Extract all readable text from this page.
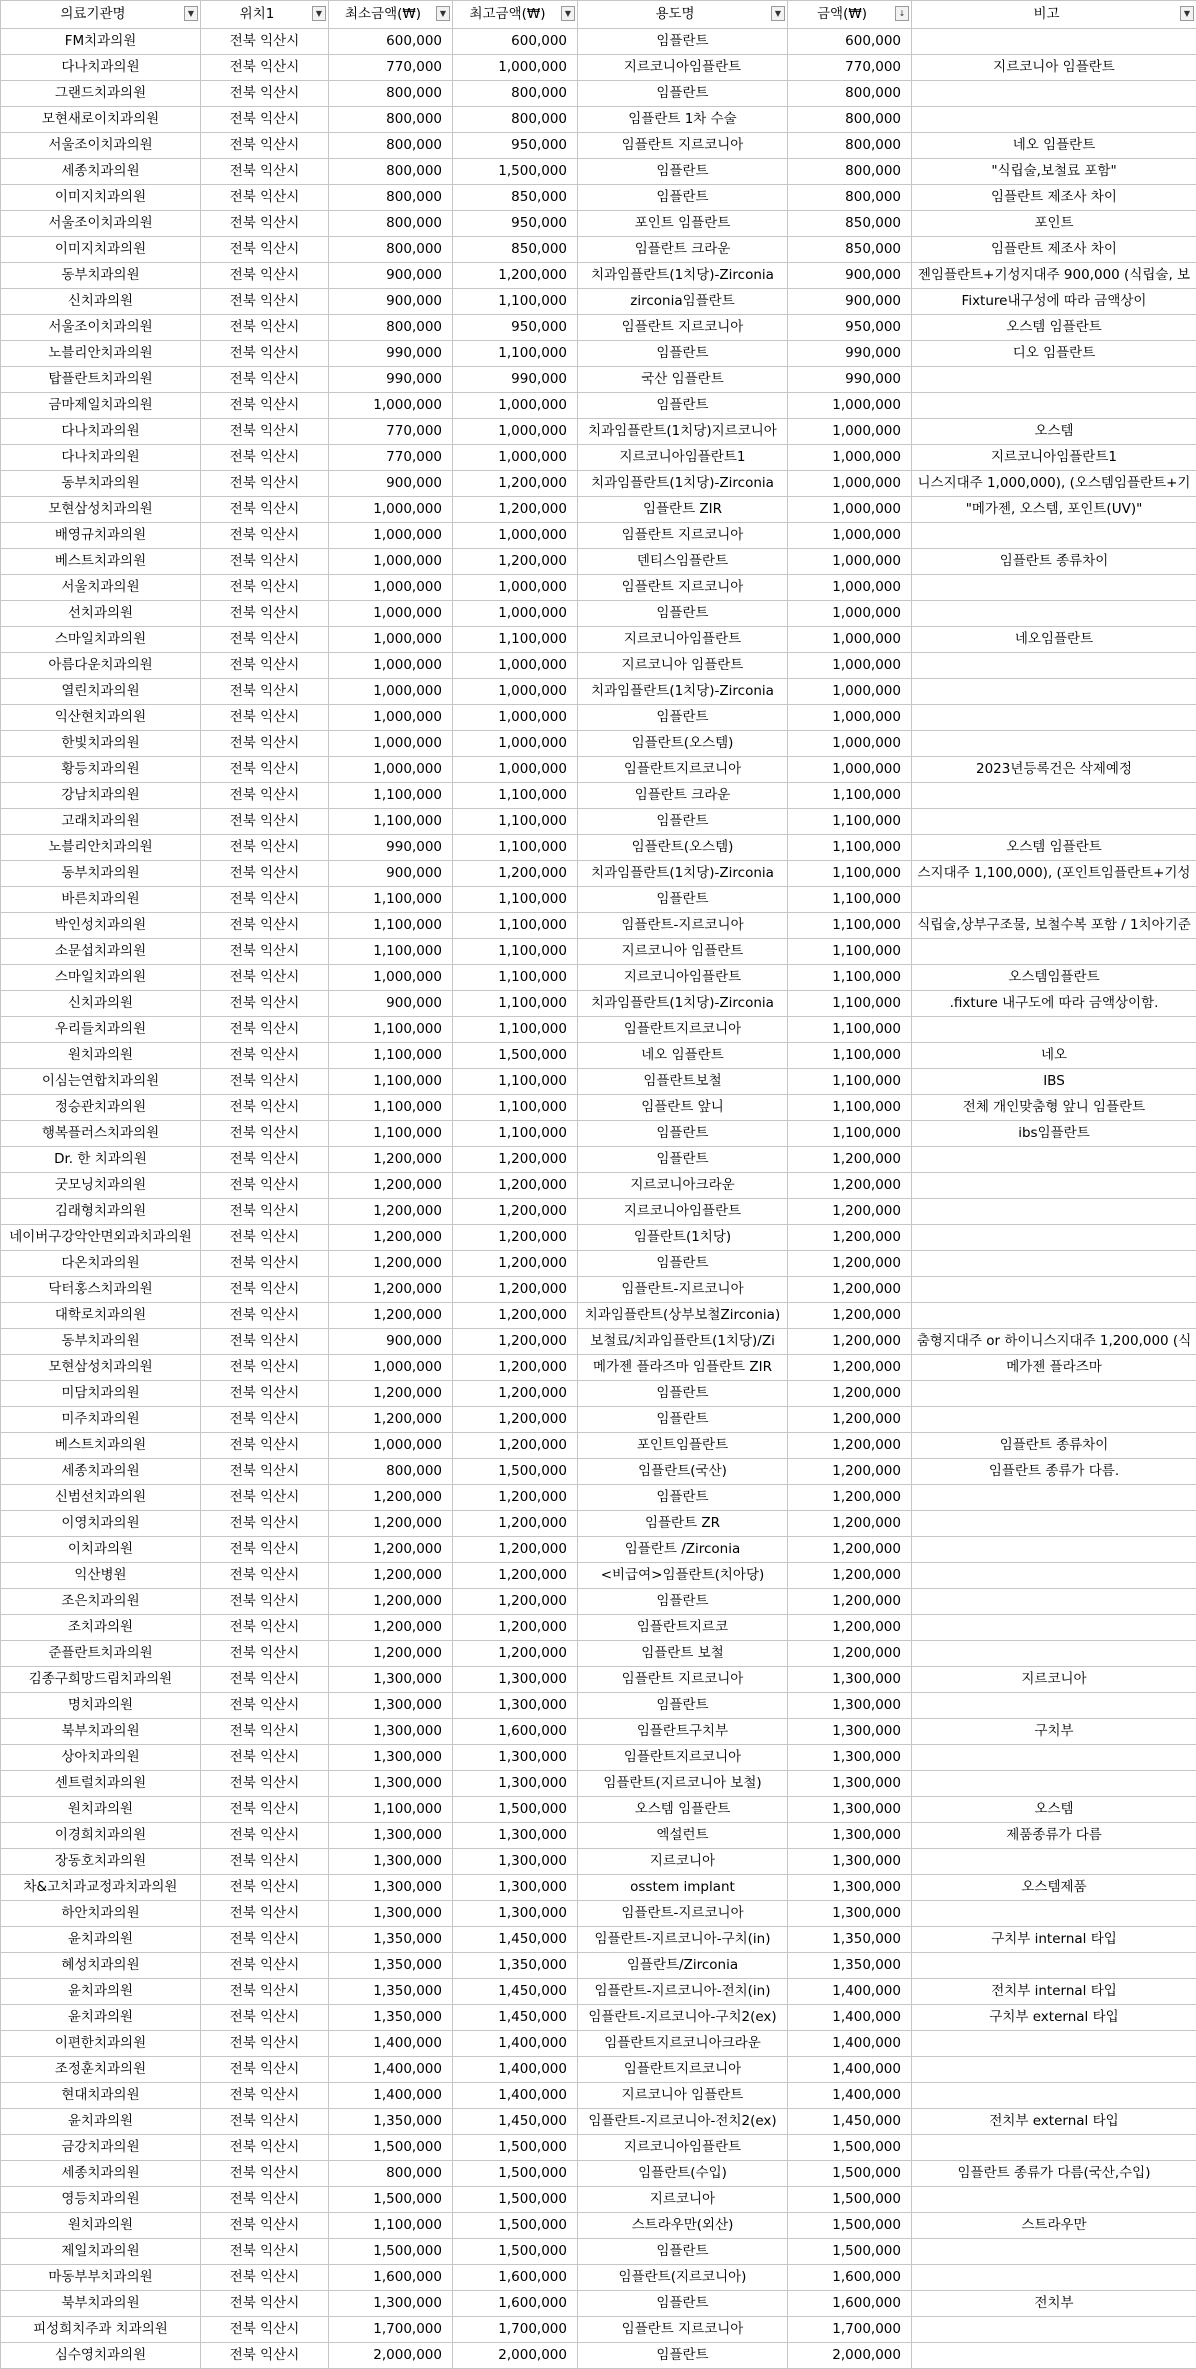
의료기관명 ▼	위치1 ▼	최소금액(₩) ▼	최고금액(₩) ▼	용도명 ▼	금액(₩) ↓	비고 ▼

FM치과의원	전북 익산시	600,000	600,000	임플란트	600,000	
다나치과의원	전북 익산시	770,000	1,000,000	지르코니아임플란트	770,000	지르코니아 임플란트
그랜드치과의원	전북 익산시	800,000	800,000	임플란트	800,000	
모현새로이치과의원	전북 익산시	800,000	800,000	임플란트 1차 수술	800,000	
서울조이치과의원	전북 익산시	800,000	950,000	임플란트 지르코니아	800,000	네오 임플란트
세종치과의원	전북 익산시	800,000	1,500,000	임플란트	800,000	"식립술,보철료 포함"
이미지치과의원	전북 익산시	800,000	850,000	임플란트	800,000	임플란트 제조사 차이
서울조이치과의원	전북 익산시	800,000	950,000	포인트 임플란트	850,000	포인트
이미지치과의원	전북 익산시	800,000	850,000	임플란트 크라운	850,000	임플란트 제조사 차이
동부치과의원	전북 익산시	900,000	1,200,000	치과임플란트(1치당)-Zirconia	900,000	젠임플란트+기성지대주 900,000 (식립술, 보
신치과의원	전북 익산시	900,000	1,100,000	zirconia임플란트	900,000	Fixture내구성에 따라 금액상이
서울조이치과의원	전북 익산시	800,000	950,000	임플란트 지르코니아	950,000	오스템 임플란트
노블리안치과의원	전북 익산시	990,000	1,100,000	임플란트	990,000	디오 임플란트
탑플란트치과의원	전북 익산시	990,000	990,000	국산 임플란트	990,000	
금마제일치과의원	전북 익산시	1,000,000	1,000,000	임플란트	1,000,000	
다나치과의원	전북 익산시	770,000	1,000,000	치과임플란트(1치당)지르코니아	1,000,000	오스템
다나치과의원	전북 익산시	770,000	1,000,000	지르코니아임플란트1	1,000,000	지르코니아임플란트1
동부치과의원	전북 익산시	900,000	1,200,000	치과임플란트(1치당)-Zirconia	1,000,000	니스지대주 1,000,000), (오스템임플란트+기
모현삼성치과의원	전북 익산시	1,000,000	1,200,000	임플란트 ZIR	1,000,000	"메가젠, 오스템, 포인트(UV)"
배영규치과의원	전북 익산시	1,000,000	1,000,000	임플란트 지르코니아	1,000,000	
베스트치과의원	전북 익산시	1,000,000	1,200,000	덴티스임플란트	1,000,000	임플란트 종류차이
서울치과의원	전북 익산시	1,000,000	1,000,000	임플란트 지르코니아	1,000,000	
선치과의원	전북 익산시	1,000,000	1,000,000	임플란트	1,000,000	
스마일치과의원	전북 익산시	1,000,000	1,100,000	지르코니아임플란트	1,000,000	네오임플란트
아름다운치과의원	전북 익산시	1,000,000	1,000,000	지르코니아 임플란트	1,000,000	
열린치과의원	전북 익산시	1,000,000	1,000,000	치과임플란트(1치당)-Zirconia	1,000,000	
익산현치과의원	전북 익산시	1,000,000	1,000,000	임플란트	1,000,000	
한빛치과의원	전북 익산시	1,000,000	1,000,000	임플란트(오스템)	1,000,000	
황등치과의원	전북 익산시	1,000,000	1,000,000	임플란트지르코니아	1,000,000	2023년등록건은 삭제예정
강남치과의원	전북 익산시	1,100,000	1,100,000	임플란트 크라운	1,100,000	
고래치과의원	전북 익산시	1,100,000	1,100,000	임플란트	1,100,000	
노블리안치과의원	전북 익산시	990,000	1,100,000	임플란트(오스템)	1,100,000	오스템 임플란트
동부치과의원	전북 익산시	900,000	1,200,000	치과임플란트(1치당)-Zirconia	1,100,000	스지대주 1,100,000), (포인트임플란트+기성
바른치과의원	전북 익산시	1,100,000	1,100,000	임플란트	1,100,000	
박인성치과의원	전북 익산시	1,100,000	1,100,000	임플란트-지르코니아	1,100,000	식립술,상부구조물, 보철수복 포함 / 1치아기준
소문섭치과의원	전북 익산시	1,100,000	1,100,000	지르코니아 임플란트	1,100,000	
스마일치과의원	전북 익산시	1,000,000	1,100,000	지르코니아임플란트	1,100,000	오스템임플란트
신치과의원	전북 익산시	900,000	1,100,000	치과임플란트(1치당)-Zirconia	1,100,000	.fixture 내구도에 따라 금액상이함.
우리들치과의원	전북 익산시	1,100,000	1,100,000	임플란트지르코니아	1,100,000	
원치과의원	전북 익산시	1,100,000	1,500,000	네오 임플란트	1,100,000	네오
이심는연합치과의원	전북 익산시	1,100,000	1,100,000	임플란트보철	1,100,000	IBS
정승관치과의원	전북 익산시	1,100,000	1,100,000	임플란트 앞니	1,100,000	전체 개인맞춤형 앞니 임플란트
행복플러스치과의원	전북 익산시	1,100,000	1,100,000	임플란트	1,100,000	ibs임플란트
Dr. 한 치과의원	전북 익산시	1,200,000	1,200,000	임플란트	1,200,000	
굿모닝치과의원	전북 익산시	1,200,000	1,200,000	지르코니아크라운	1,200,000	
김래형치과의원	전북 익산시	1,200,000	1,200,000	지르코니아임플란트	1,200,000	
네이버구강악안면외과치과의원	전북 익산시	1,200,000	1,200,000	임플란트(1치당)	1,200,000	
다온치과의원	전북 익산시	1,200,000	1,200,000	임플란트	1,200,000	
닥터홍스치과의원	전북 익산시	1,200,000	1,200,000	임플란트-지르코니아	1,200,000	
대학로치과의원	전북 익산시	1,200,000	1,200,000	치과임플란트(상부보철Zirconia)	1,200,000	
동부치과의원	전북 익산시	900,000	1,200,000	보철료/치과임플란트(1치당)/Zi	1,200,000	춤형지대주 or 하이니스지대주 1,200,000 (식
모현삼성치과의원	전북 익산시	1,000,000	1,200,000	메가젠 플라즈마 임플란트 ZIR	1,200,000	메가젠 플라즈마
미담치과의원	전북 익산시	1,200,000	1,200,000	임플란트	1,200,000	
미주치과의원	전북 익산시	1,200,000	1,200,000	임플란트	1,200,000	
베스트치과의원	전북 익산시	1,000,000	1,200,000	포인트임플란트	1,200,000	임플란트 종류차이
세종치과의원	전북 익산시	800,000	1,500,000	임플란트(국산)	1,200,000	임플란트 종류가 다름.
신범선치과의원	전북 익산시	1,200,000	1,200,000	임플란트	1,200,000	
이영치과의원	전북 익산시	1,200,000	1,200,000	임플란트 ZR	1,200,000	
이치과의원	전북 익산시	1,200,000	1,200,000	임플란트 /Zirconia	1,200,000	
익산병원	전북 익산시	1,200,000	1,200,000	<비급여>임플란트(치아당)	1,200,000	
조은치과의원	전북 익산시	1,200,000	1,200,000	임플란트	1,200,000	
조치과의원	전북 익산시	1,200,000	1,200,000	임플란트지르코	1,200,000	
준플란트치과의원	전북 익산시	1,200,000	1,200,000	임플란트 보철	1,200,000	
김종구희망드림치과의원	전북 익산시	1,300,000	1,300,000	임플란트 지르코니아	1,300,000	지르코니아
명치과의원	전북 익산시	1,300,000	1,300,000	임플란트	1,300,000	
북부치과의원	전북 익산시	1,300,000	1,600,000	임플란트구치부	1,300,000	구치부
상아치과의원	전북 익산시	1,300,000	1,300,000	임플란트지르코니아	1,300,000	
센트럴치과의원	전북 익산시	1,300,000	1,300,000	임플란트(지르코니아 보철)	1,300,000	
원치과의원	전북 익산시	1,100,000	1,500,000	오스템 임플란트	1,300,000	오스템
이경희치과의원	전북 익산시	1,300,000	1,300,000	엑설런트	1,300,000	제품종류가 다름
장동호치과의원	전북 익산시	1,300,000	1,300,000	지르코니아	1,300,000	
차&고치과교정과치과의원	전북 익산시	1,300,000	1,300,000	osstem implant	1,300,000	오스템제품
하안치과의원	전북 익산시	1,300,000	1,300,000	임플란트-지르코니아	1,300,000	
윤치과의원	전북 익산시	1,350,000	1,450,000	임플란트-지르코니아-구치(in)	1,350,000	구치부 internal 타입
혜성치과의원	전북 익산시	1,350,000	1,350,000	임플란트/Zirconia	1,350,000	
윤치과의원	전북 익산시	1,350,000	1,450,000	임플란트-지르코니아-전치(in)	1,400,000	전치부 internal 타입
윤치과의원	전북 익산시	1,350,000	1,450,000	임플란트-지르코니아-구치2(ex)	1,400,000	구치부 external 타입
이편한치과의원	전북 익산시	1,400,000	1,400,000	임플란트지르코니아크라운	1,400,000	
조정훈치과의원	전북 익산시	1,400,000	1,400,000	임플란트지르코니아	1,400,000	
현대치과의원	전북 익산시	1,400,000	1,400,000	지르코니아 임플란트	1,400,000	
윤치과의원	전북 익산시	1,350,000	1,450,000	임플란트-지르코니아-전치2(ex)	1,450,000	전치부 external 타입
금강치과의원	전북 익산시	1,500,000	1,500,000	지르코니아임플란트	1,500,000	
세종치과의원	전북 익산시	800,000	1,500,000	임플란트(수입)	1,500,000	임플란트 종류가 다름(국산,수입)
영등치과의원	전북 익산시	1,500,000	1,500,000	지르코니아	1,500,000	
원치과의원	전북 익산시	1,100,000	1,500,000	스트라우만(외산)	1,500,000	스트라우만
제일치과의원	전북 익산시	1,500,000	1,500,000	임플란트	1,500,000	
마동부부치과의원	전북 익산시	1,600,000	1,600,000	임플란트(지르코니아)	1,600,000	
북부치과의원	전북 익산시	1,300,000	1,600,000	임플란트	1,600,000	전치부
피성희치주과 치과의원	전북 익산시	1,700,000	1,700,000	임플란트 지르코니아	1,700,000	
심수영치과의원	전북 익산시	2,000,000	2,000,000	임플란트	2,000,000	
